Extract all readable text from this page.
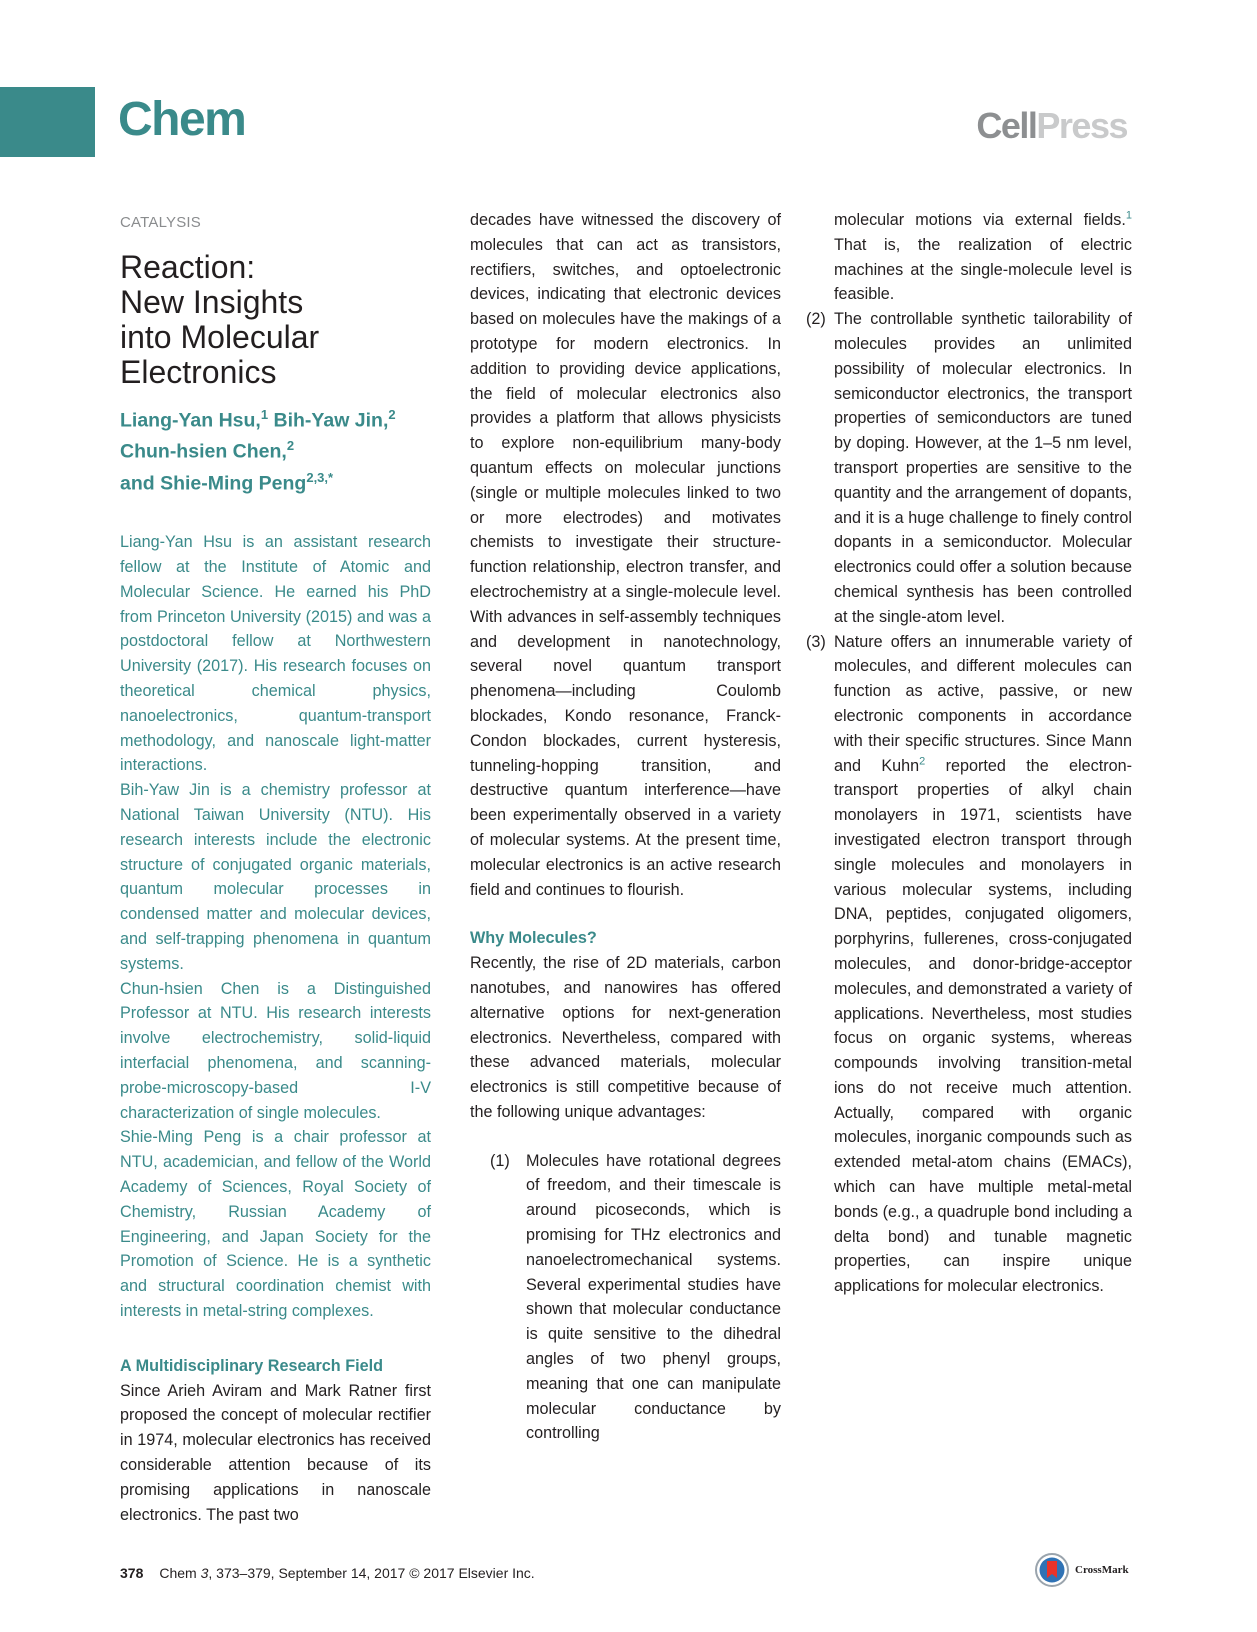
Chem	CellPress
CATALYSIS
Reaction:
New Insights
into Molecular
Electronics
Liang-Yan Hsu,$^1$ Bih-Yaw Jin,$^2$
Chun-hsien Chen,$^2$
and Shie-Ming Peng$^{2,3,*}$

Liang-Yan Hsu is an assistant research fellow at the Institute of Atomic and Molecular Science. He earned his PhD from Princeton University (2015) and was a postdoctoral fellow at Northwestern University (2017). His research focuses on theoretical chemical physics, nanoelectronics, quantum-transport methodology, and nanoscale light-matter interactions.

Bih-Yaw Jin is a chemistry professor at National Taiwan University (NTU). His research interests include the electronic structure of conjugated organic materials, quantum molecular processes in condensed matter and molecular devices, and self-trapping phenomena in quantum systems.

Chun-hsien Chen is a Distinguished Professor at NTU. His research interests involve electrochemistry, solid-liquid interfacial phenomena, and scanning-probe-microscopy-based I-V characterization of single molecules.

Shie-Ming Peng is a chair professor at NTU, academician, and fellow of the World Academy of Sciences, Royal Society of Chemistry, Russian Academy of Engineering, and Japan Society for the Promotion of Science. He is a synthetic and structural coordination chemist with interests in metal-string complexes.

A Multidisciplinary Research Field

Since Arieh Aviram and Mark Ratner first proposed the concept of molecular rectifier in 1974, molecular electronics has received considerable attention because of its promising applications in nanoscale electronics. The past two

decades have witnessed the discovery of molecules that can act as transistors, rectifiers, switches, and optoelectronic devices, indicating that electronic devices based on molecules have the makings of a prototype for modern electronics. In addition to providing device applications, the field of molecular electronics also provides a platform that allows physicists to explore non-equilibrium many-body quantum effects on molecular junctions (single or multiple molecules linked to two or more electrodes) and motivates chemists to investigate their structure-function relationship, electron transfer, and electrochemistry at a single-molecule level. With advances in self-assembly techniques and development in nanotechnology, several novel quantum transport phenomena—including Coulomb blockades, Kondo resonance, Franck-Condon blockades, current hysteresis, tunneling-hopping transition, and destructive quantum interference—have been experimentally observed in a variety of molecular systems. At the present time, molecular electronics is an active research field and continues to flourish.

Why Molecules?

Recently, the rise of 2D materials, carbon nanotubes, and nanowires has offered alternative options for next-generation electronics. Nevertheless, compared with these advanced materials, molecular electronics is still competitive because of the following unique advantages:

(1)	Molecules have rotational degrees of freedom, and their timescale is around picoseconds, which is promising for THz electronics and nanoelectromechanical systems. Several experimental studies have shown that molecular conductance is quite sensitive to the dihedral angles of two phenyl groups, meaning that one can manipulate molecular conductance by controlling

molecular motions via external fields.$^1$ That is, the realization of electric machines at the single-molecule level is feasible.

(2) The controllable synthetic tailorability of molecules provides an unlimited possibility of molecular electronics. In semiconductor electronics, the transport properties of semiconductors are tuned by doping. However, at the 1–5 nm level, transport properties are sensitive to the quantity and the arrangement of dopants, and it is a huge challenge to finely control dopants in a semiconductor. Molecular electronics could offer a solution because chemical synthesis has been controlled at the single-atom level.
(3) Nature offers an innumerable variety of molecules, and different molecules can function as active, passive, or new electronic components in accordance with their specific structures. Since Mann and Kuhn$^2$ reported the electron-transport properties of alkyl chain monolayers in 1971, scientists have investigated electron transport through single molecules and monolayers in various molecular systems, including DNA, peptides, conjugated oligomers, porphyrins, fullerenes, cross-conjugated molecules, and donor-bridge-acceptor molecules, and demonstrated a variety of applications. Nevertheless, most studies focus on organic systems, whereas compounds involving transition-metal ions do not receive much attention. Actually, compared with organic molecules, inorganic compounds such as extended metal-atom chains (EMACs), which can have multiple metal-metal bonds (e.g., a quadruple bond including a delta bond) and tunable magnetic properties, can inspire unique applications for molecular electronics.
378 Chem 3, 373–379, September 14, 2017 © 2017 Elsevier Inc.	CrossMark
